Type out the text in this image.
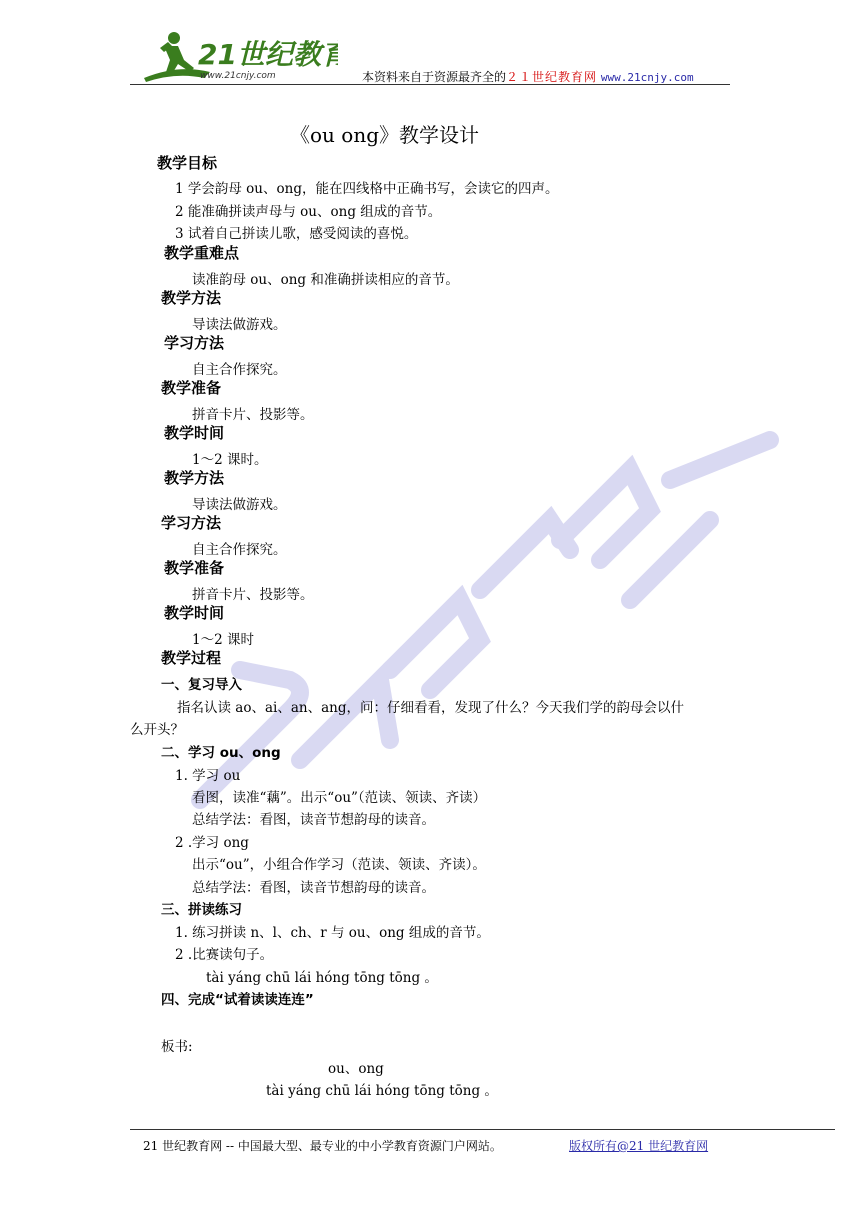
21世纪教育
www.21cnjy.com	本资料来自于资源最齐全的２１世纪教育网 www.21cnjy.com
《ou ong》教学设计
教学目标
1 学会韵母 ou、ong，能在四线格中正确书写，会读它的四声。
2 能准确拼读声母与 ou、ong 组成的音节。
3 试着自己拼读儿歌，感受阅读的喜悦。
教学重难点
读准韵母 ou、ong 和准确拼读相应的音节。
教学方法
导读法做游戏。
学习方法
自主合作探究。
教学准备
拼音卡片、投影等。
教学时间
1～2 课时。
教学方法
导读法做游戏。
学习方法
自主合作探究。
教学准备
拼音卡片、投影等。
教学时间
1～2 课时
教学过程
一、复习导入
指名认读 ao、ai、an、ang，问：仔细看看，发现了什么？今天我们学的韵母会以什
么开头？
二、学习 ou、ong
1. 学习 ou
看图，读准“藕”。出示“ou”（范读、领读、齐读）
总结学法：看图，读音节想韵母的读音。
2 .学习 ong
出示“ou”，小组合作学习（范读、领读、齐读）。
总结学法：看图，读音节想韵母的读音。
三、拼读练习
1. 练习拼读 n、l、ch、r 与 ou、ong 组成的音节。
2 .比赛读句子。
tài yáng chū lái hóng tōng tōng 。
四、完成“试着读读连连”
板书:
ou、ong
tài yáng chū lái hóng tōng tōng 。
21 世纪教育网 -- 中国最大型、最专业的中小学教育资源门户网站。	版权所有@21 世纪教育网
